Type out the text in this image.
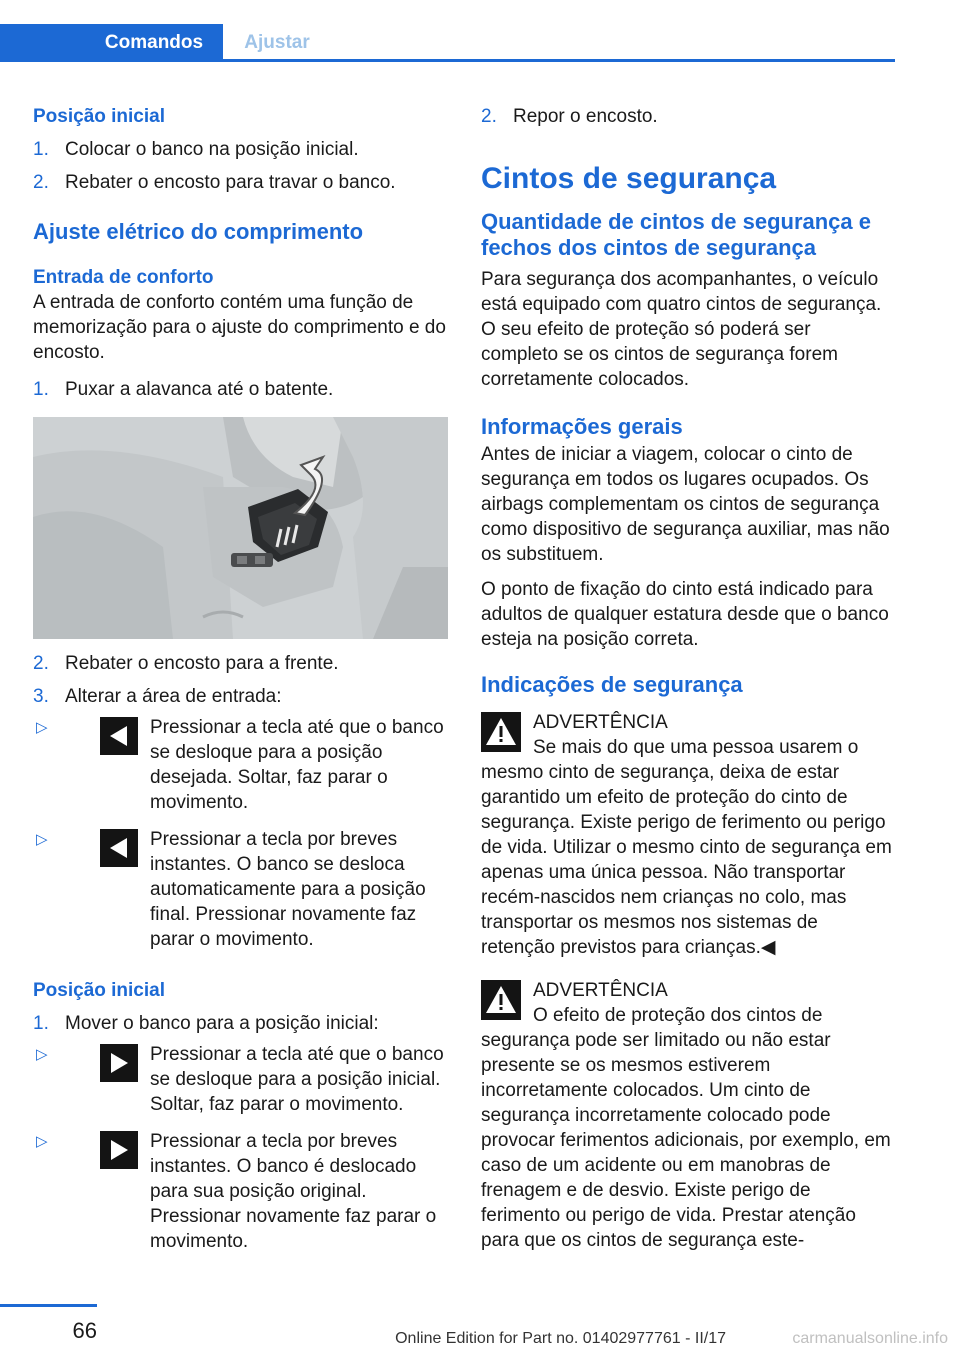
Comandos	Ajustar
Posição inicial
1. Colocar o banco na posição inicial.
2. Rebater o encosto para travar o banco.
Ajuste elétrico do comprimento
Entrada de conforto

A entrada de conforto contém uma função de memorização para o ajuste do comprimento e do encosto.

1. Puxar a alavanca até o batente.
2. Rebater o encosto para a frente.
3. Alterar a área de entrada:
▷	Pressionar a tecla até que o banco se desloque para a posição desejada. Soltar, faz parar o movimento.
▷	Pressionar a tecla por breves instantes. O banco se desloca automaticamente para a posição final. Pressionar novamente faz parar o movimento.
Posição inicial
1. Mover o banco para a posição inicial:
▷	Pressionar a tecla até que o banco se desloque para a posição inicial. Soltar, faz parar o movimento.
▷	Pressionar a tecla por breves instantes. O banco é deslocado para sua posição original. Pressionar novamente faz parar o movimento.
2. Repor o encosto.
Cintos de segurança
Quantidade de cintos de segurança e fechos dos cintos de segurança

Para segurança dos acompanhantes, o veículo está equipado com quatro cintos de segurança. O seu efeito de proteção só poderá ser completo se os cintos de segurança forem corretamente colocados.

Informações gerais

Antes de iniciar a viagem, colocar o cinto de segurança em todos os lugares ocupados. Os airbags complementam os cintos de segurança como dispositivo de segurança auxiliar, mas não os substituem.

O ponto de fixação do cinto está indicado para adultos de qualquer estatura desde que o banco esteja na posição correta.

Indicações de segurança

ADVERTÊNCIA

Se mais do que uma pessoa usarem o mesmo cinto de segurança, deixa de estar garantido um efeito de proteção do cinto de segurança. Existe perigo de ferimento ou perigo de vida. Utilizar o mesmo cinto de segurança em apenas uma única pessoa. Não transportar recém-nascidos nem crianças no colo, mas transportar os mesmos nos sistemas de retenção previstos para crianças.◀

ADVERTÊNCIA

O efeito de proteção dos cintos de segurança pode ser limitado ou não estar presente se os mesmos estiverem incorretamente colocados. Um cinto de segurança incorretamente colocado pode provocar ferimentos adicionais, por exemplo, em caso de um acidente ou em manobras de frenagem e de desvio. Existe perigo de ferimento ou perigo de vida. Prestar atenção para que os cintos de segurança este-

66	Online Edition for Part no. 01402977761 - II/17	carmanualsonline.info
